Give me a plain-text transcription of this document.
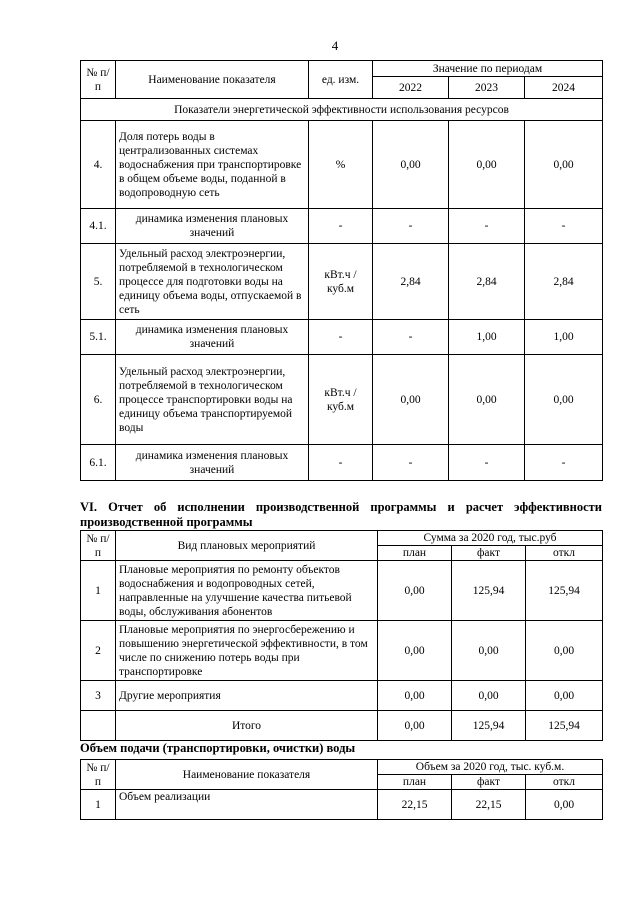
4
№ п/п	Наименование показателя	ед. изм.	Значение по периодам		
			2022	2023	2024
Показатели энергетической эффективности использования ресурсов					
4.	Доля потерь воды в централизованных системах водоснабжения при транспортировке в общем объеме воды, поданной в водопроводную сеть	%	0,00	0,00	0,00
4.1.	динамика изменения плановых значений	-	-	-	-
5.	Удельный расход электроэнергии, потребляемой в технологическом процессе для подготовки воды на единицу объема воды, отпускаемой в сеть	кВт.ч / куб.м	2,84	2,84	2,84
5.1.	динамика изменения плановых значений	-	-	1,00	1,00
6.	Удельный расход электроэнергии, потребляемой в технологическом процессе транспортировки воды на единицу объема транспортируемой воды	кВт.ч / куб.м	0,00	0,00	0,00
6.1.	динамика изменения плановых значений	-	-	-	-
VI. Отчет об исполнении производственной программы и расчет эффективности производственной программы
№ п/п	Вид плановых мероприятий	Сумма за 2020 год, тыс.руб		
		план	факт	откл
1	Плановые мероприятия по ремонту объектов водоснабжения и водопроводных сетей, направленные на улучшение качества питьевой воды, обслуживания абонентов	0,00	125,94	125,94
2	Плановые мероприятия по энергосбережению и повышению энергетической эффективности, в том числе по снижению потерь воды при транспортировке	0,00	0,00	0,00
3	Другие мероприятия	0,00	0,00	0,00
	Итого	0,00	125,94	125,94
Объем подачи (транспортировки, очистки) воды
№ п/п	Наименование показателя	Объем за 2020 год, тыс. куб.м.		
		план	факт	откл
1	Объем реализации	22,15	22,15	0,00
